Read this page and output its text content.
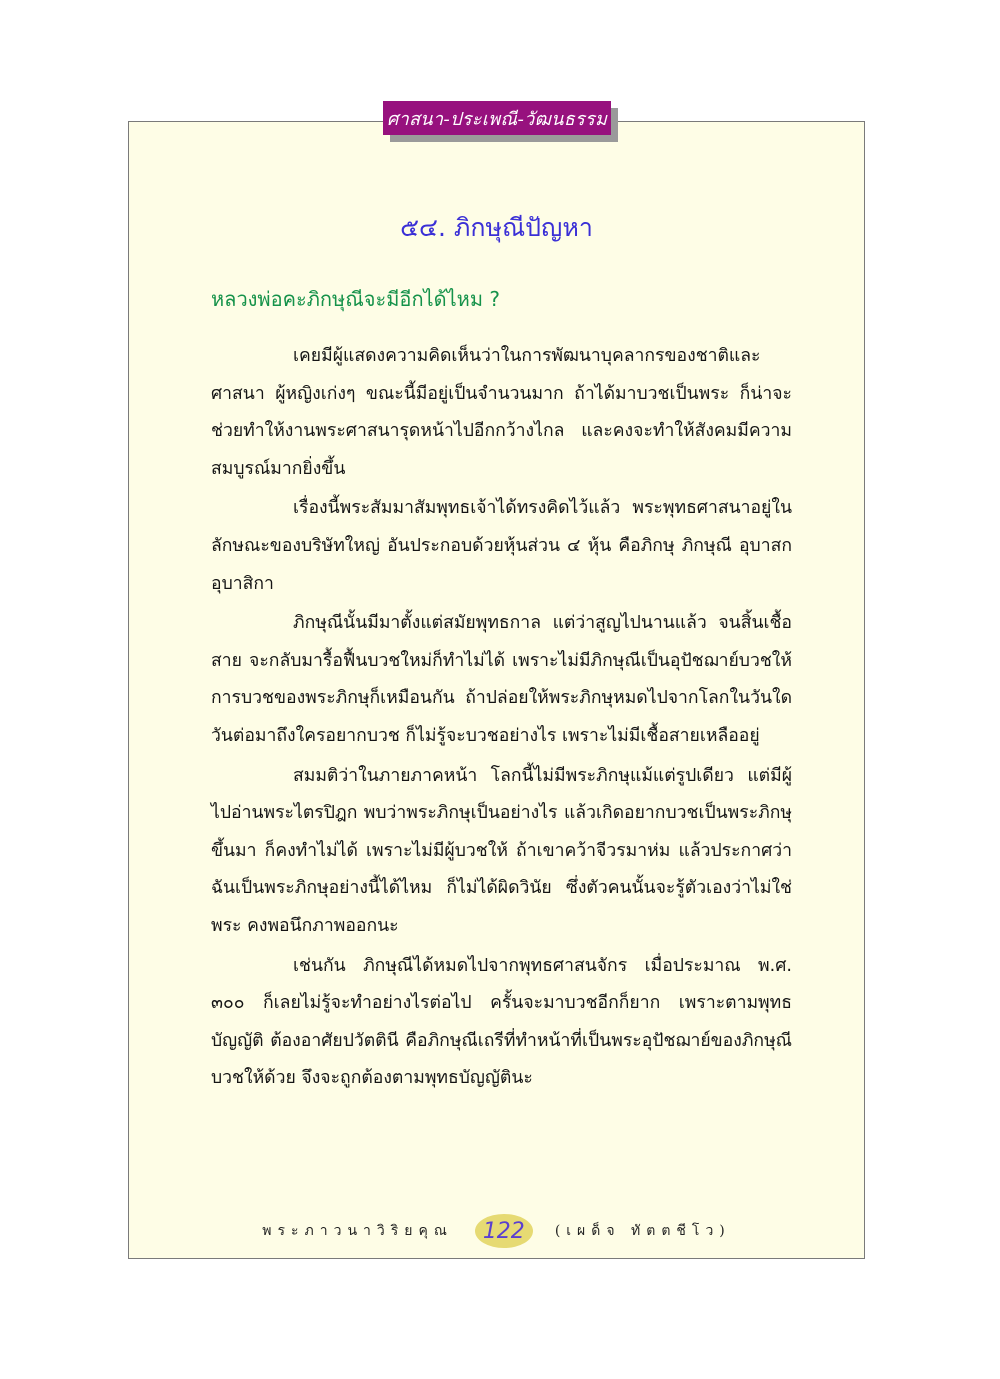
ศาสนา-ประเพณี-วัฒนธรรม
๕๔. ภิกษุณีปัญหา
หลวงพ่อคะภิกษุณีจะมีอีกได้ไหม ?

เคยมีผู้แสดงความคิดเห็นว่าในการพัฒนาบุคลากรของชาติและศาสนา ผู้หญิงเก่งๆ ขณะนี้มีอยู่เป็นจำนวนมาก ถ้าได้มาบวชเป็นพระ ก็น่าจะช่วยทำให้งานพระศาสนารุดหน้าไปอีกกว้างไกล และคงจะทำให้สังคมมีความสมบูรณ์มากยิ่งขึ้น

เรื่องนี้พระสัมมาสัมพุทธเจ้าได้ทรงคิดไว้แล้ว พระพุทธศาสนาอยู่ในลักษณะของบริษัทใหญ่ อันประกอบด้วยหุ้นส่วน ๔ หุ้น คือภิกษุ ภิกษุณี อุบาสก อุบาสิกา

ภิกษุณีนั้นมีมาตั้งแต่สมัยพุทธกาล แต่ว่าสูญไปนานแล้ว จนสิ้นเชื้อสาย จะกลับมารื้อฟื้นบวชใหม่ก็ทำไม่ได้ เพราะไม่มีภิกษุณีเป็นอุปัชฌาย์บวชให้ การบวชของพระภิกษุก็เหมือนกัน ถ้าปล่อยให้พระภิกษุหมดไปจากโลกในวันใด วันต่อมาถึงใครอยากบวช ก็ไม่รู้จะบวชอย่างไร เพราะไม่มีเชื้อสายเหลืออยู่

สมมติว่าในภายภาคหน้า โลกนี้ไม่มีพระภิกษุแม้แต่รูปเดียว แต่มีผู้ไปอ่านพระไตรปิฎก พบว่าพระภิกษุเป็นอย่างไร แล้วเกิดอยากบวชเป็นพระภิกษุขึ้นมา ก็คงทำไม่ได้ เพราะไม่มีผู้บวชให้ ถ้าเขาคว้าจีวรมาห่ม แล้วประกาศว่าฉันเป็นพระภิกษุอย่างนี้ได้ไหม ก็ไม่ได้ผิดวินัย ซึ่งตัวคนนั้นจะรู้ตัวเองว่าไม่ใช่พระ คงพอนึกภาพออกนะ

เช่นกัน ภิกษุณีได้หมดไปจากพุทธศาสนจักร เมื่อประมาณ พ.ศ. ๓๐๐ ก็เลยไม่รู้จะทำอย่างไรต่อไป ครั้นจะมาบวชอีกก็ยาก เพราะตามพุทธบัญญัติ ต้องอาศัยปวัตตินี คือภิกษุณีเถรีที่ทำหน้าที่เป็นพระอุปัชฌาย์ของภิกษุณีบวชให้ด้วย จึงจะถูกต้องตามพุทธบัญญัตินะ

พระภาวนาวิริยคุณ	122	(เผด็จ ทัตตชีโว)
